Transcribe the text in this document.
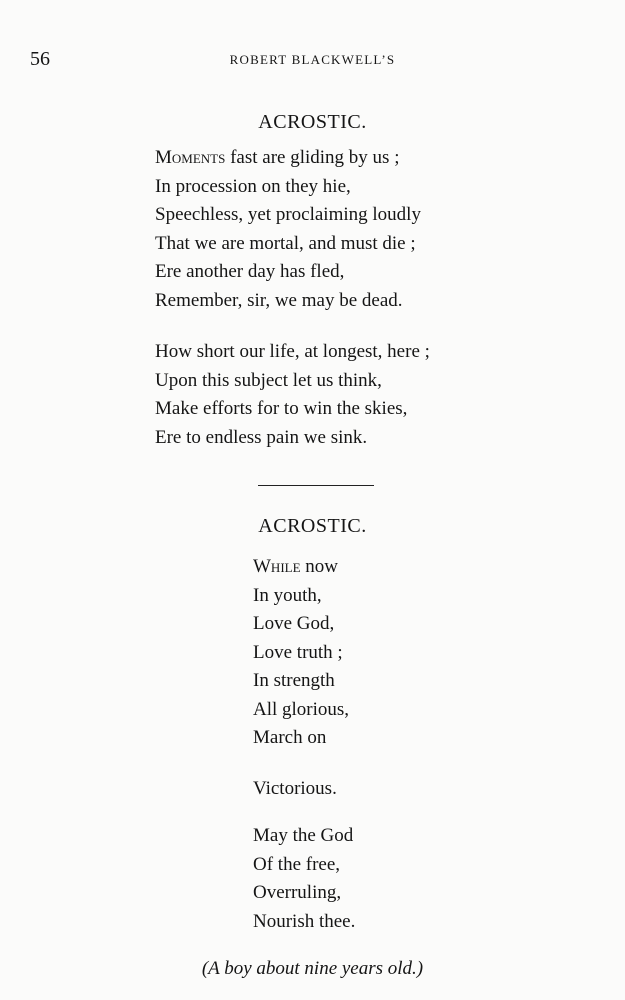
56	ROBERT BLACKWELL’S
ACROSTIC.
Moments fast are gliding by us ;
In procession on they hie,
Speechless, yet proclaiming loudly
That we are mortal, and must die ;
Ere another day has fled,
Remember, sir, we may be dead.
How short our life, at longest, here ;
Upon this subject let us think,
Make efforts for to win the skies,
Ere to endless pain we sink.
ACROSTIC.
While now
In youth,
Love God,
Love truth ;
In strength
All glorious,
March on
Victorious.
May the God
Of the free,
Overruling,
Nourish thee.
(A boy about nine years old.)
